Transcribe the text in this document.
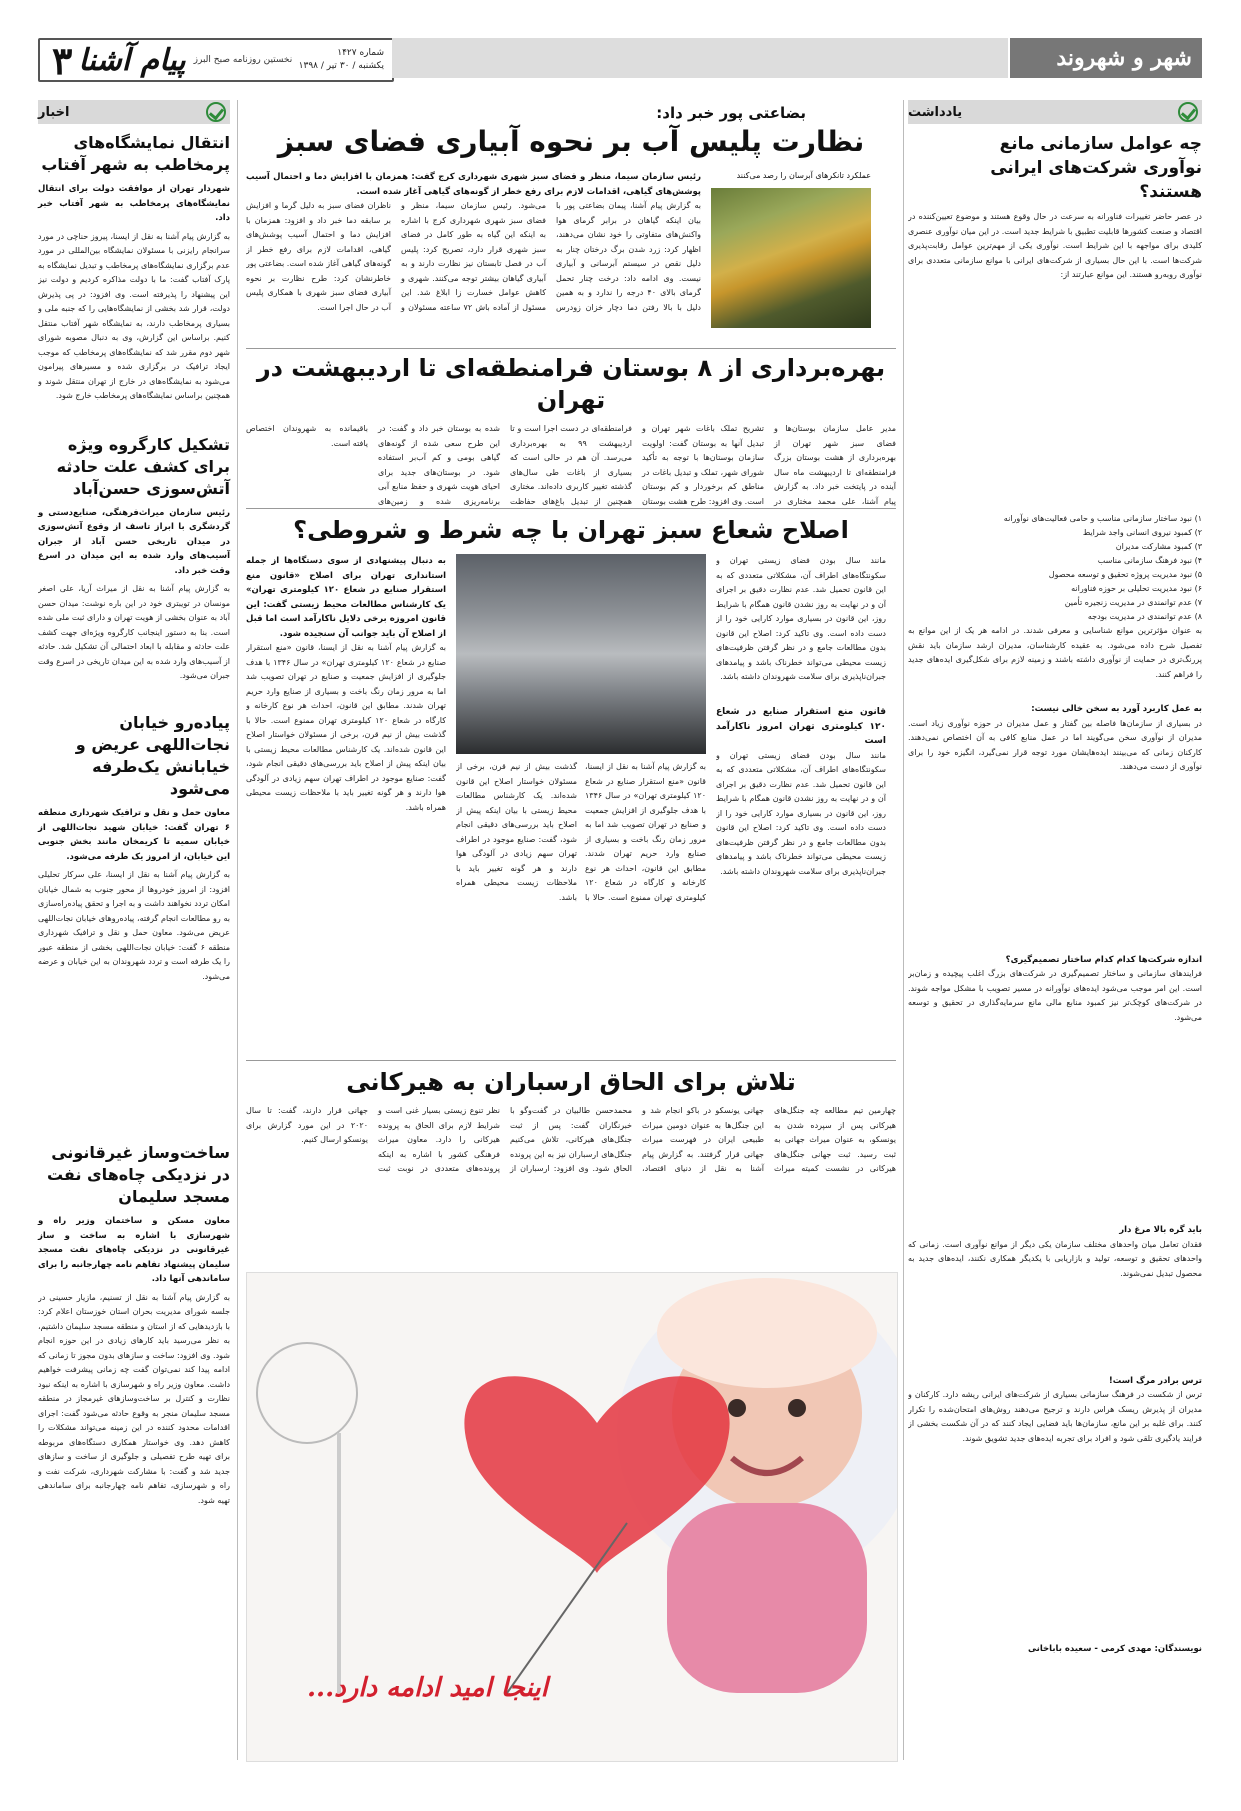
۳ پیام آشنا نخستین روزنامه صبح البرز
شماره ۱۴۲۷
یکشنبه / ۳۰ تیر / ۱۳۹۸	شهر و شهروند
اخبار
انتقال نمایشگاه‌های پرمخاطب به شهر آفتاب
شهردار تهران از موافقت دولت برای انتقال نمایشگاه‌های پرمخاطب به شهر آفتاب خبر داد.
به گزارش پیام آشنا به نقل از ایسنا، پیروز حناچی در مورد سرانجام رایزنی با مسئولان نمایشگاه بین‌المللی در مورد عدم برگزاری نمایشگاه‌های پرمخاطب و تبدیل نمایشگاه به پارک آفتاب گفت: ما با دولت مذاکره کردیم و دولت نیز این پیشنهاد را پذیرفته است. وی افزود: در پی پذیرش دولت، قرار شد بخشی از نمایشگاه‌هایی را که جنبه ملی و بسیاری پرمخاطب دارند، به نمایشگاه شهر آفتاب منتقل کنیم. براساس این گزارش، وی به دنبال مصوبه شورای شهر دوم مقرر شد که نمایشگاه‌های پرمخاطب که موجب ایجاد ترافیک در برگزاری شده و مسیرهای پیرامون می‌شود به نمایشگاه‌های در خارج از تهران منتقل شوند و همچنین براساس نمایشگاه‌های پرمخاطب خارج شود.
تشکیل کارگروه ویژه برای کشف علت حادثه آتش‌سوزی حسن‌آباد
رئیس سازمان میراث‌فرهنگی، صنایع‌دستی و گردشگری با ابراز تاسف از وقوع آتش‌سوزی در میدان تاریخی حسن آباد از جبران آسیب‌های وارد شده به این میدان در اسرع وقت خبر داد.
به گزارش پیام آشنا به نقل از میراث آریا، علی اصغر مونسان در تویبتری خود در این باره نوشت: میدان حسن آباد به عنوان بخشی از هویت تهران و دارای ثبت ملی شده است. بنا به دستور اینجانب کارگروه ویژه‌ای جهت کشف علت حادثه و مقابله با ابعاد احتمالی آن تشکیل شد. حادثه از آسیب‌های وارد شده به این میدان تاریخی در اسرع وقت جبران می‌شود.
پیاده‌رو خیابان نجات‌اللهی عریض و خیابانش یک‌طرفه می‌شود
معاون حمل و نقل و ترافیک شهرداری منطقه ۶ تهران گفت: خیابان شهید نجات‌اللهی از خیابان سمیه تا کریمخان مانند بخش جنوبی این خیابان، از امروز یک طرفه می‌شود.
به گزارش پیام آشنا به نقل از ایسنا، علی سرکار تحلیلی افزود: از امروز خودروها از محور جنوب به شمال خیابان امکان تردد نخواهند داشت و به اجرا و تحقق پیاده‌راه‌سازی به رو مطالعات انجام گرفته، پیاده‌روهای خیابان نجات‌اللهی عریض می‌شود. معاون حمل و نقل و ترافیک شهرداری منطقه ۶ گفت: خیابان نجات‌اللهی بخشی از منطقه عبور را یک طرفه است و تردد شهروندان به این خیابان و عرضه می‌شود.
ساخت‌وساز غیرقانونی در نزدیکی چاه‌های نفت مسجد سلیمان
معاون مسکن و ساختمان وزیر راه و شهرسازی با اشاره به ساخت و ساز غیرقانونی در نزدیکی چاه‌های نفت مسجد سلیمان پیشنهاد تفاهم نامه چهارجانبه را برای ساماندهی آنها داد.
به گزارش پیام آشنا به نقل از تسنیم، مازیار حسینی در جلسه شورای مدیریت بحران استان خوزستان اعلام کرد: با بازدیدهایی که از استان و منطقه مسجد سلیمان داشتیم، به نظر می‌رسید باید کارهای زیادی در این حوزه انجام شود. وی افزود: ساخت و سازهای بدون مجوز تا زمانی که ادامه پیدا کند نمی‌توان گفت چه زمانی پیشرفت خواهیم داشت. معاون وزیر راه و شهرسازی با اشاره به اینکه نبود نظارت و کنترل بر ساخت‌وسازهای غیرمجاز در منطقه مسجد سلیمان منجر به وقوع حادثه می‌شود گفت: اجرای اقدامات محدود کننده در این زمینه می‌تواند مشکلات را کاهش دهد. وی خواستار همکاری دستگاه‌های مربوطه برای تهیه طرح تفصیلی و جلوگیری از ساخت و سازهای جدید شد و گفت: با مشارکت شهرداری، شرکت نفت و راه و شهرسازی، تفاهم نامه چهارجانبه برای ساماندهی تهیه شود.
بضاعتی پور خبر داد:
نظارت پلیس آب بر نحوه آبیاری فضای سبز
رئیس سازمان سیما، منظر و فضای سبز شهری شهرداری کرج گفت: همزمان با افزایش دما و احتمال آسیب پوشش‌های گیاهی، اقدامات لازم برای رفع خطر از گونه‌های گیاهی آغاز شده است.
به گزارش پیام آشنا، پیمان بضاعتی پور با بیان اینکه گیاهان در برابر گرمای هوا واکنش‌های متفاوتی را خود نشان می‌دهند، اظهار کرد: زرد شدن برگ درختان چنار به دلیل نقص در سیستم آبرسانی و آبیاری نیست. وی ادامه داد: درخت چنار تحمل گرمای بالای ۴۰ درجه را ندارد و به همین دلیل با بالا رفتن دما دچار خزان زودرس می‌شود. رئیس سازمان سیما، منظر و فضای سبز شهری شهرداری کرج با اشاره به اینکه این گیاه به طور کامل در فضای سبز شهری قرار دارد، تصریح کرد: پلیس آب در فصل تابستان نیز نظارت دارند و به آبیاری گیاهان بیشتر توجه می‌کنند. شهری و کاهش عوامل خسارت زا ابلاغ شد. این مسئول از آماده باش ۷۲ ساعته مسئولان و ناظران فضای سبز به دلیل گرما و افزایش بر سابقه دما خبر داد و افزود: همزمان با افزایش دما و احتمال آسیب پوشش‌های گیاهی، اقدامات لازم برای رفع خطر از گونه‌های گیاهی آغاز شده است. بضاعتی پور خاطرنشان کرد: طرح نظارت بر نحوه آبیاری فضای سبز شهری با همکاری پلیس آب در حال اجرا است.
عملکرد تانکرهای آبرسان را رصد می‌کنند
بهره‌برداری از ۸ بوستان فرامنطقه‌ای تا اردیبهشت در تهران
مدیر عامل سازمان بوستان‌ها و فضای سبز شهر تهران از بهره‌برداری از هشت بوستان بزرگ فرامنطقه‌ای تا اردیبهشت ماه سال آینده در پایتخت خبر داد. به گزارش پیام آشنا، علی محمد مختاری در تشریح تملک باغات شهر تهران و تبدیل آنها به بوستان گفت: اولویت سازمان بوستان‌ها با توجه به تأکید شورای شهر، تملک و تبدیل باغات در مناطق کم برخوردار و کم بوستان است. وی افزود: طرح هشت بوستان فرامنطقه‌ای در دست اجرا است و تا اردیبهشت ۹۹ به بهره‌برداری می‌رسد. آن هم در حالی است که بسیاری از باغات طی سال‌های گذشته تغییر کاربری داده‌اند. مختاری همچنین از تبدیل باغ‌های حفاظت شده به بوستان خبر داد و گفت: در این طرح سعی شده از گونه‌های گیاهی بومی و کم آب‌بر استفاده شود. در بوستان‌های جدید برای احیای هویت شهری و حفظ منابع آبی برنامه‌ریزی شده و زمین‌های باقیمانده به شهروندان اختصاص یافته است.
اصلاح شعاع سبز تهران با چه شرط و شروطی؟
به دنبال پیشنهادی از سوی دستگاه‌ها از جمله استانداری تهران برای اصلاح «قانون منع استقرار صنایع در شعاع ۱۲۰ کیلومتری تهران» یک کارشناس مطالعات محیط زیستی گفت: این قانون امروزه برخی دلایل ناکارآمد است اما قبل از اصلاح آن باید جوانب آن سنجیده شود.
به گزارش پیام آشنا به نقل از ایسنا، قانون «منع استقرار صنایع در شعاع ۱۲۰ کیلومتری تهران» در سال ۱۳۴۶ با هدف جلوگیری از افزایش جمعیت و صنایع در تهران تصویب شد اما به مرور زمان رنگ باخت و بسیاری از صنایع وارد حریم تهران شدند. مطابق این قانون، احداث هر نوع کارخانه و کارگاه در شعاع ۱۲۰ کیلومتری تهران ممنوع است. حالا با گذشت بیش از نیم قرن، برخی از مسئولان خواستار اصلاح این قانون شده‌اند. یک کارشناس مطالعات محیط زیستی با بیان اینکه پیش از اصلاح باید بررسی‌های دقیقی انجام شود، گفت: صنایع موجود در اطراف تهران سهم زیادی در آلودگی هوا دارند و هر گونه تغییر باید با ملاحظات زیست محیطی همراه باشد.
به گزارش پیام آشنا به نقل از ایسنا، قانون «منع استقرار صنایع در شعاع ۱۲۰ کیلومتری تهران» در سال ۱۳۴۶ با هدف جلوگیری از افزایش جمعیت و صنایع در تهران تصویب شد اما به مرور زمان رنگ باخت و بسیاری از صنایع وارد حریم تهران شدند. مطابق این قانون، احداث هر نوع کارخانه و کارگاه در شعاع ۱۲۰ کیلومتری تهران ممنوع است. حالا با گذشت بیش از نیم قرن، برخی از مسئولان خواستار اصلاح این قانون شده‌اند. یک کارشناس مطالعات محیط زیستی با بیان اینکه پیش از اصلاح باید بررسی‌های دقیقی انجام شود، گفت: صنایع موجود در اطراف تهران سهم زیادی در آلودگی هوا دارند و هر گونه تغییر باید با ملاحظات زیست محیطی همراه باشد.
مانند سال بودن فضای زیستی تهران و سکونتگاه‌های اطراف آن، مشکلاتی متعددی که به این قانون تحمیل شد. عدم نظارت دقیق بر اجرای آن و در نهایت به روز نشدن قانون همگام با شرایط روز، این قانون در بسیاری موارد کارایی خود را از دست داده است. وی تاکید کرد: اصلاح این قانون بدون مطالعات جامع و در نظر گرفتن ظرفیت‌های زیست محیطی می‌تواند خطرناک باشد و پیامدهای جبران‌ناپذیری برای سلامت شهروندان داشته باشد.
قانون منع استقرار صنایع در شعاع ۱۲۰ کیلومتری تهران امروز ناکارآمد است
مانند سال بودن فضای زیستی تهران و سکونتگاه‌های اطراف آن، مشکلاتی متعددی که به این قانون تحمیل شد. عدم نظارت دقیق بر اجرای آن و در نهایت به روز نشدن قانون همگام با شرایط روز، این قانون در بسیاری موارد کارایی خود را از دست داده است. وی تاکید کرد: اصلاح این قانون بدون مطالعات جامع و در نظر گرفتن ظرفیت‌های زیست محیطی می‌تواند خطرناک باشد و پیامدهای جبران‌ناپذیری برای سلامت شهروندان داشته باشد.
تلاش برای الحاق ارسباران به هیرکانی
چهارمین تیم مطالعه چه جنگل‌های هیرکانی پس از سپرده شدن به یونسکو، به عنوان میراث جهانی به ثبت رسید. ثبت جهانی جنگل‌های هیرکانی در نشست کمیته میراث جهانی یونسکو در باکو انجام شد و این جنگل‌ها به عنوان دومین میراث طبیعی ایران در فهرست میراث جهانی قرار گرفتند. به گزارش پیام آشنا به نقل از دنیای اقتصاد، محمدحسن طالبیان در گفت‌وگو با خبرنگاران گفت: پس از ثبت جنگل‌های هیرکانی، تلاش می‌کنیم جنگل‌های ارسباران نیز به این پرونده الحاق شود. وی افزود: ارسباران از نظر تنوع زیستی بسیار غنی است و شرایط لازم برای الحاق به پرونده هیرکانی را دارد. معاون میراث فرهنگی کشور با اشاره به اینکه پرونده‌های متعددی در نوبت ثبت جهانی قرار دارند، گفت: تا سال ۲۰۲۰ در این مورد گزارش برای یونسکو ارسال کنیم.
اینجا امید ادامه دارد...
یادداشت
چه عوامل سازمانی مانع نوآوری شرکت‌های ایرانی هستند؟
در عصر حاضر تغییرات فناورانه به سرعت در حال وقوع هستند و موضوع تعیین‌کننده در اقتصاد و صنعت کشورها قابلیت تطبیق با شرایط جدید است. در این میان نوآوری عنصری کلیدی برای مواجهه با این شرایط است. نوآوری یکی از مهم‌ترین عوامل رقابت‌پذیری شرکت‌ها است. با این حال بسیاری از شرکت‌های ایرانی با موانع سازمانی متعددی برای نوآوری روبه‌رو هستند. این موانع عبارتند از:
۱) نبود ساختار سازمانی مناسب و حامی فعالیت‌های نوآورانه
۲) کمبود نیروی انسانی واجد شرایط
۳) کمبود مشارکت مدیران
۴) نبود فرهنگ سازمانی مناسب
۵) نبود مدیریت پروژه تحقیق و توسعه محصول
۶) نبود مدیریت تحلیلی بر حوزه فناورانه
۷) عدم توانمندی در مدیریت زنجیره تأمین
۸) عدم توانمندی در مدیریت بودجه
به عنوان مؤثرترین موانع شناسایی و معرفی شدند. در ادامه هر یک از این موانع به تفصیل شرح داده می‌شود. به عقیده کارشناسان، مدیران ارشد سازمان باید نقش پررنگ‌تری در حمایت از نوآوری داشته باشند و زمینه لازم برای شکل‌گیری ایده‌های جدید را فراهم کنند.
به عمل کاربرد آورد به سخن خالی نیست:
در بسیاری از سازمان‌ها فاصله بین گفتار و عمل مدیران در حوزه نوآوری زیاد است. مدیران از نوآوری سخن می‌گویند اما در عمل منابع کافی به آن اختصاص نمی‌دهند. کارکنان زمانی که می‌بینند ایده‌هایشان مورد توجه قرار نمی‌گیرد، انگیزه خود را برای نوآوری از دست می‌دهند.
اندازه شرکت‌ها کدام کدام ساختار تصمیم‌گیری؟
فرایندهای سازمانی و ساختار تصمیم‌گیری در شرکت‌های بزرگ اغلب پیچیده و زمان‌بر است. این امر موجب می‌شود ایده‌های نوآورانه در مسیر تصویب با مشکل مواجه شوند. در شرکت‌های کوچک‌تر نیز کمبود منابع مالی مانع سرمایه‌گذاری در تحقیق و توسعه می‌شود.
باید گره بالا مرغ دار
فقدان تعامل میان واحدهای مختلف سازمان یکی دیگر از موانع نوآوری است. زمانی که واحدهای تحقیق و توسعه، تولید و بازاریابی با یکدیگر همکاری نکنند، ایده‌های جدید به محصول تبدیل نمی‌شوند.
ترس برادر مرگ است!
ترس از شکست در فرهنگ سازمانی بسیاری از شرکت‌های ایرانی ریشه دارد. کارکنان و مدیران از پذیرش ریسک هراس دارند و ترجیح می‌دهند روش‌های امتحان‌شده را تکرار کنند. برای غلبه بر این مانع، سازمان‌ها باید فضایی ایجاد کنند که در آن شکست بخشی از فرایند یادگیری تلقی شود و افراد برای تجربه ایده‌های جدید تشویق شوند.
نویسندگان: مهدی کرمی - سعیده باباخانی
